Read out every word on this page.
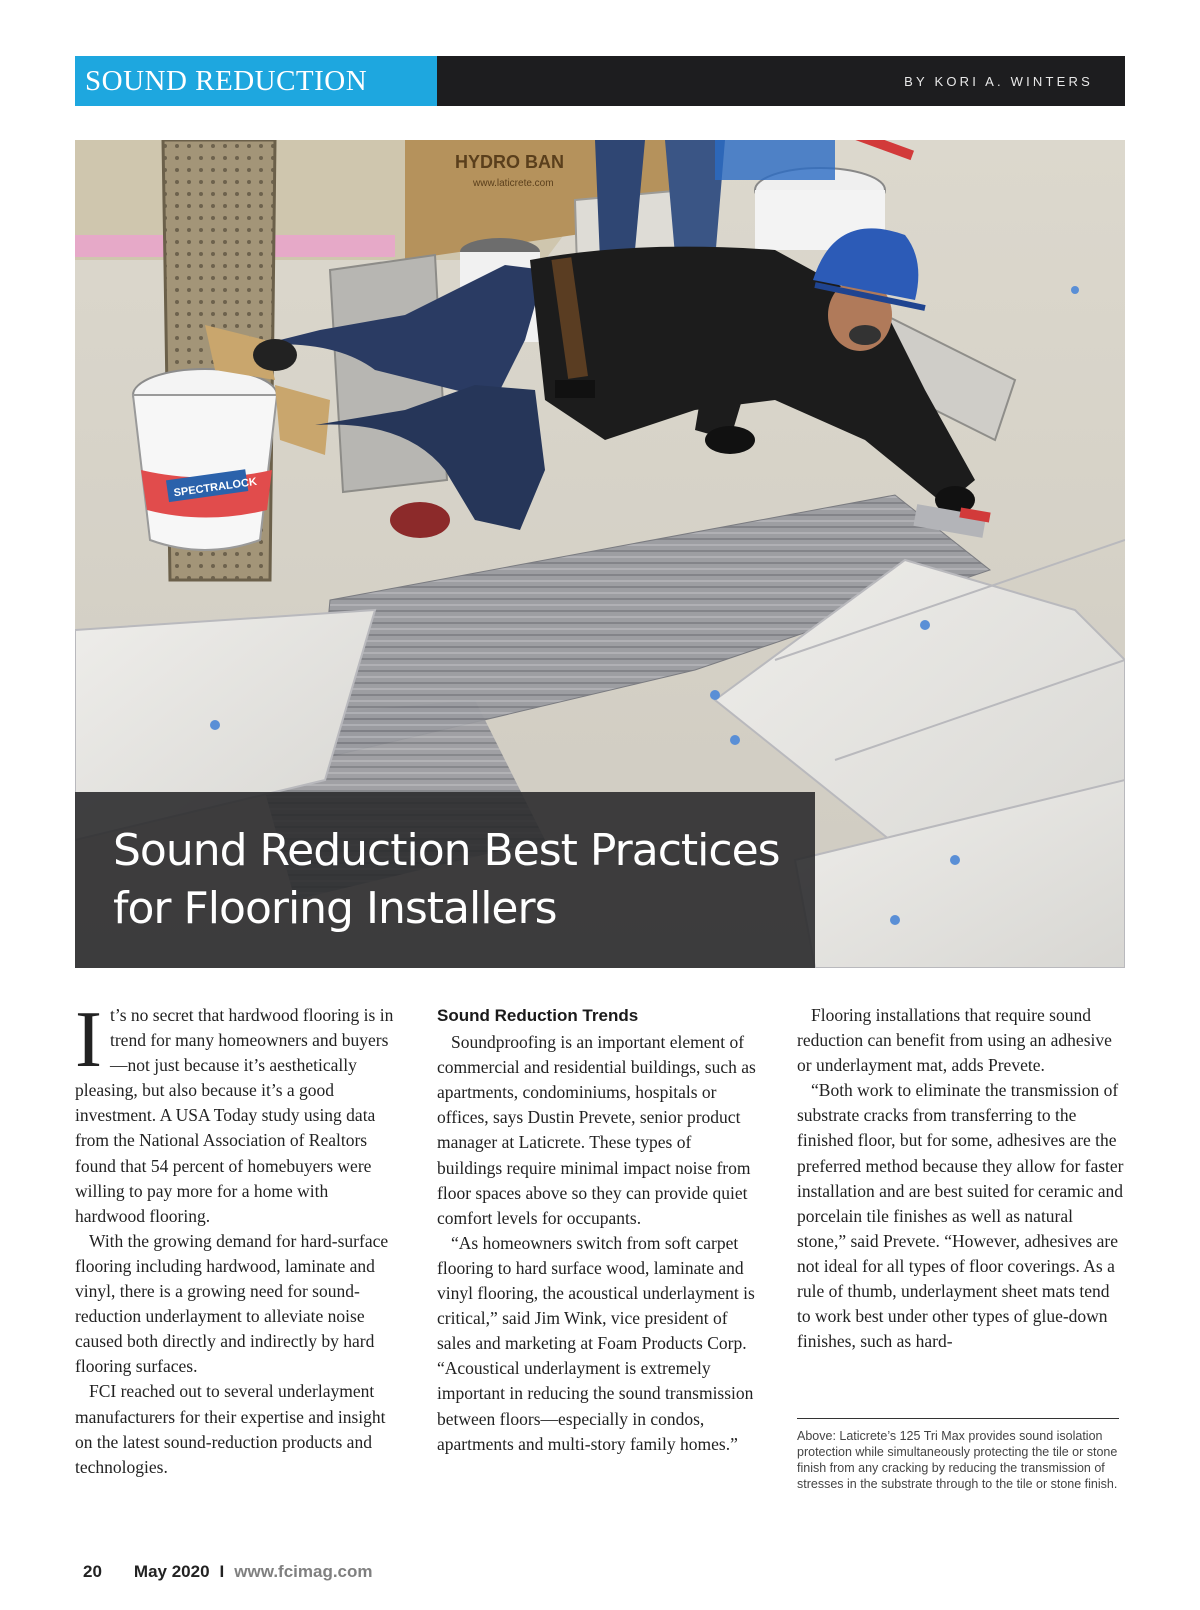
SOUND REDUCTION	BY KORI A. WINTERS
HYDRO BAN
www.laticrete.com
SPECTRALOCK
Sound Reduction Best Practices
for Flooring Installers

It’s no secret that hardwood flooring is in trend for many homeowners and buyers—not just because it’s aesthetically pleasing, but also because it’s a good investment. A USA Today study using data from the National Association of Realtors found that 54 percent of homebuyers were willing to pay more for a home with hardwood flooring.

With the growing demand for hard-surface flooring including hardwood, laminate and vinyl, there is a growing need for sound-reduction underlayment to alleviate noise caused both directly and indirectly by hard flooring surfaces.

FCI reached out to several underlayment manufacturers for their expertise and insight on the latest sound-reduction products and technologies.

Sound Reduction Trends

Soundproofing is an important element of commercial and residential buildings, such as apartments, condominiums, hospitals or offices, says Dustin Prevete, senior product manager at Laticrete. These types of buildings require minimal impact noise from floor spaces above so they can provide quiet comfort levels for occupants.

“As homeowners switch from soft carpet flooring to hard surface wood, laminate and vinyl flooring, the acoustical underlayment is critical,” said Jim Wink, vice president of sales and marketing at Foam Products Corp. “Acoustical underlayment is extremely important in reducing the sound transmission between floors—especially in condos, apartments and multi-story family homes.”

Flooring installations that require sound reduction can benefit from using an adhesive or underlayment mat, adds Prevete.

“Both work to eliminate the transmission of substrate cracks from transferring to the finished floor, but for some, adhesives are the preferred method because they allow for faster installation and are best suited for ceramic and porcelain tile finishes as well as natural stone,” said Prevete. “However, adhesives are not ideal for all types of floor coverings. As a rule of thumb, underlayment sheet mats tend to work best under other types of glue-down finishes, such as hard-

Above: Laticrete’s 125 Tri Max provides sound isolation protection while simultaneously protecting the tile or stone finish from any cracking by reducing the transmission of stresses in the substrate through to the tile or stone finish.
20 May 2020 I www.fcimag.com
